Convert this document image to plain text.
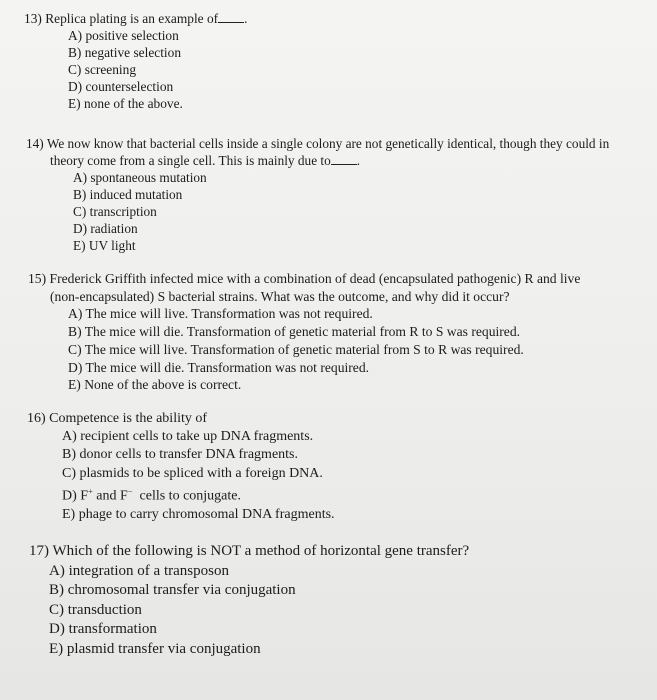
13) Replica plating is an example of .
A) positive selection
B) negative selection
C) screening
D) counterselection
E) none of the above.
14) We now know that bacterial cells inside a single colony are not genetically identical, though they could in
theory come from a single cell. This is mainly due to .
A) spontaneous mutation
B) induced mutation
C) transcription
D) radiation
E) UV light
15) Frederick Griffith infected mice with a combination of dead (encapsulated pathogenic) R and live
(non-encapsulated) S bacterial strains. What was the outcome, and why did it occur?
A) The mice will live. Transformation was not required.
B) The mice will die. Transformation of genetic material from R to S was required.
C) The mice will live. Transformation of genetic material from S to R was required.
D) The mice will die. Transformation was not required.
E) None of the above is correct.
16) Competence is the ability of
A) recipient cells to take up DNA fragments.
B) donor cells to transfer DNA fragments.
C) plasmids to be spliced with a foreign DNA.
D) F+ and F−  cells to conjugate.
E) phage to carry chromosomal DNA fragments.
17) Which of the following is NOT a method of horizontal gene transfer?
A) integration of a transposon
B) chromosomal transfer via conjugation
C) transduction
D) transformation
E) plasmid transfer via conjugation
